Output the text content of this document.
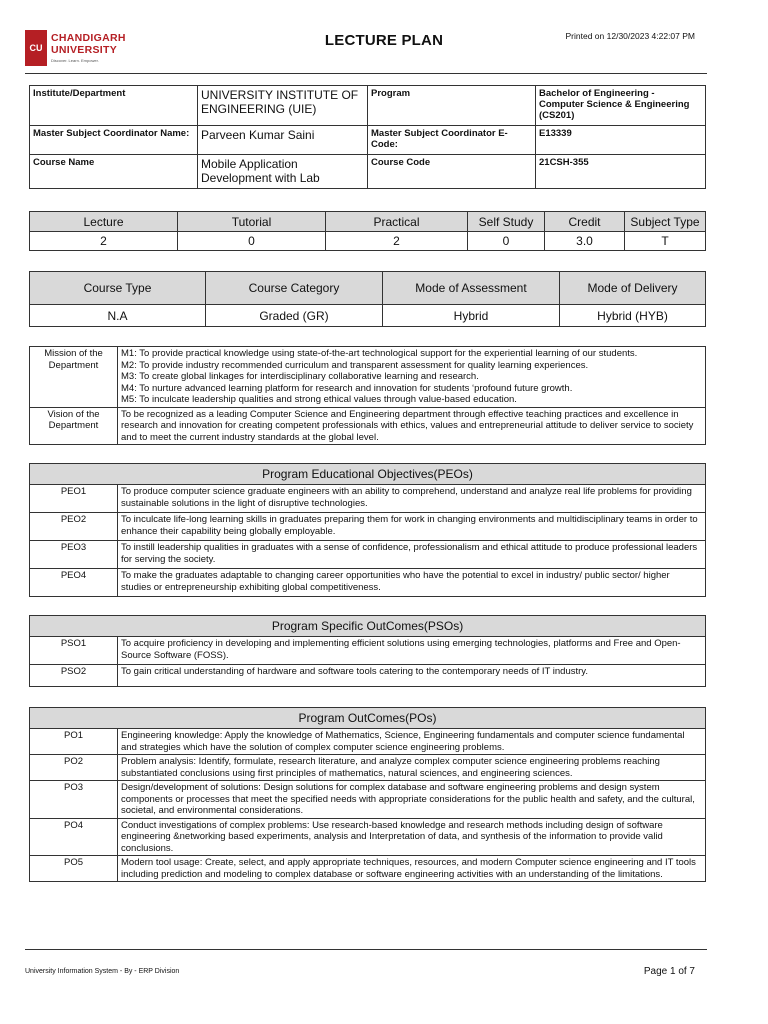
CU
CHANDIGARH
UNIVERSITY
Discover. Learn. Empower.
LECTURE PLAN	Printed on 12/30/2023 4:22:07 PM
Institute/Department	UNIVERSITY INSTITUTE OF ENGINEERING (UIE)	Program	Bachelor of Engineering - Computer Science & Engineering (CS201)
Master Subject Coordinator Name:	Parveen Kumar Saini	Master Subject Coordinator E-Code:	E13339
Course Name	Mobile Application Development with Lab	Course Code	21CSH-355
Lecture	Tutorial	Practical	Self Study	Credit	Subject Type
2	0	2	0	3.0	T
Course Type	Course Category	Mode of Assessment	Mode of Delivery
N.A	Graded (GR)	Hybrid	Hybrid (HYB)
Mission of the Department	M1: To provide practical knowledge using state-of-the-art technological support for the experiential learning of our students.
M2: To provide industry recommended curriculum and transparent assessment for quality learning experiences.
M3: To create global linkages for interdisciplinary collaborative learning and research.
M4: To nurture advanced learning platform for research and innovation for students ‘profound future growth.
M5: To inculcate leadership qualities and strong ethical values through value-based education.

Vision of the Department	To be recognized as a leading Computer Science and Engineering department through effective teaching practices and excellence in research and innovation for creating competent professionals with ethics, values and entrepreneurial attitude to deliver service to society and to meet the current industry standards at the global level.
Program Educational Objectives(PEOs)	
PEO1	To produce computer science graduate engineers with an ability to comprehend, understand and analyze real life problems for providing sustainable solutions in the light of disruptive technologies.
PEO2	To inculcate life-long learning skills in graduates preparing them for work in changing environments and multidisciplinary teams in order to enhance their capability being globally employable.
PEO3	To instill leadership qualities in graduates with a sense of confidence, professionalism and ethical attitude to produce professional leaders for serving the society.
PEO4	To make the graduates adaptable to changing career opportunities who have the potential to excel in industry/ public sector/ higher studies or entrepreneurship exhibiting global competitiveness.
Program Specific OutComes(PSOs)	
PSO1	To acquire proficiency in developing and implementing efficient solutions using emerging technologies, platforms and Free and Open-Source Software (FOSS).
PSO2	To gain critical understanding of hardware and software tools catering to the contemporary needs of IT industry.
Program OutComes(POs)	
PO1	Engineering knowledge: Apply the knowledge of Mathematics, Science, Engineering fundamentals and computer science fundamental and strategies which have the solution of complex computer science engineering problems.
PO2	Problem analysis: Identify, formulate, research literature, and analyze complex computer science engineering problems reaching substantiated conclusions using first principles of mathematics, natural sciences, and engineering sciences.
PO3	Design/development of solutions: Design solutions for complex database and software engineering problems and design system components or processes that meet the specified needs with appropriate considerations for the public health and safety, and the cultural, societal, and environmental considerations.
PO4	Conduct investigations of complex problems: Use research-based knowledge and research methods including design of software engineering &networking based experiments, analysis and Interpretation of data, and synthesis of the information to provide valid conclusions.
PO5	Modern tool usage: Create, select, and apply appropriate techniques, resources, and modern Computer science engineering and IT tools including prediction and modeling to complex database or software engineering activities with an understanding of the limitations.
University Information System - By - ERP Division	Page 1 of 7
